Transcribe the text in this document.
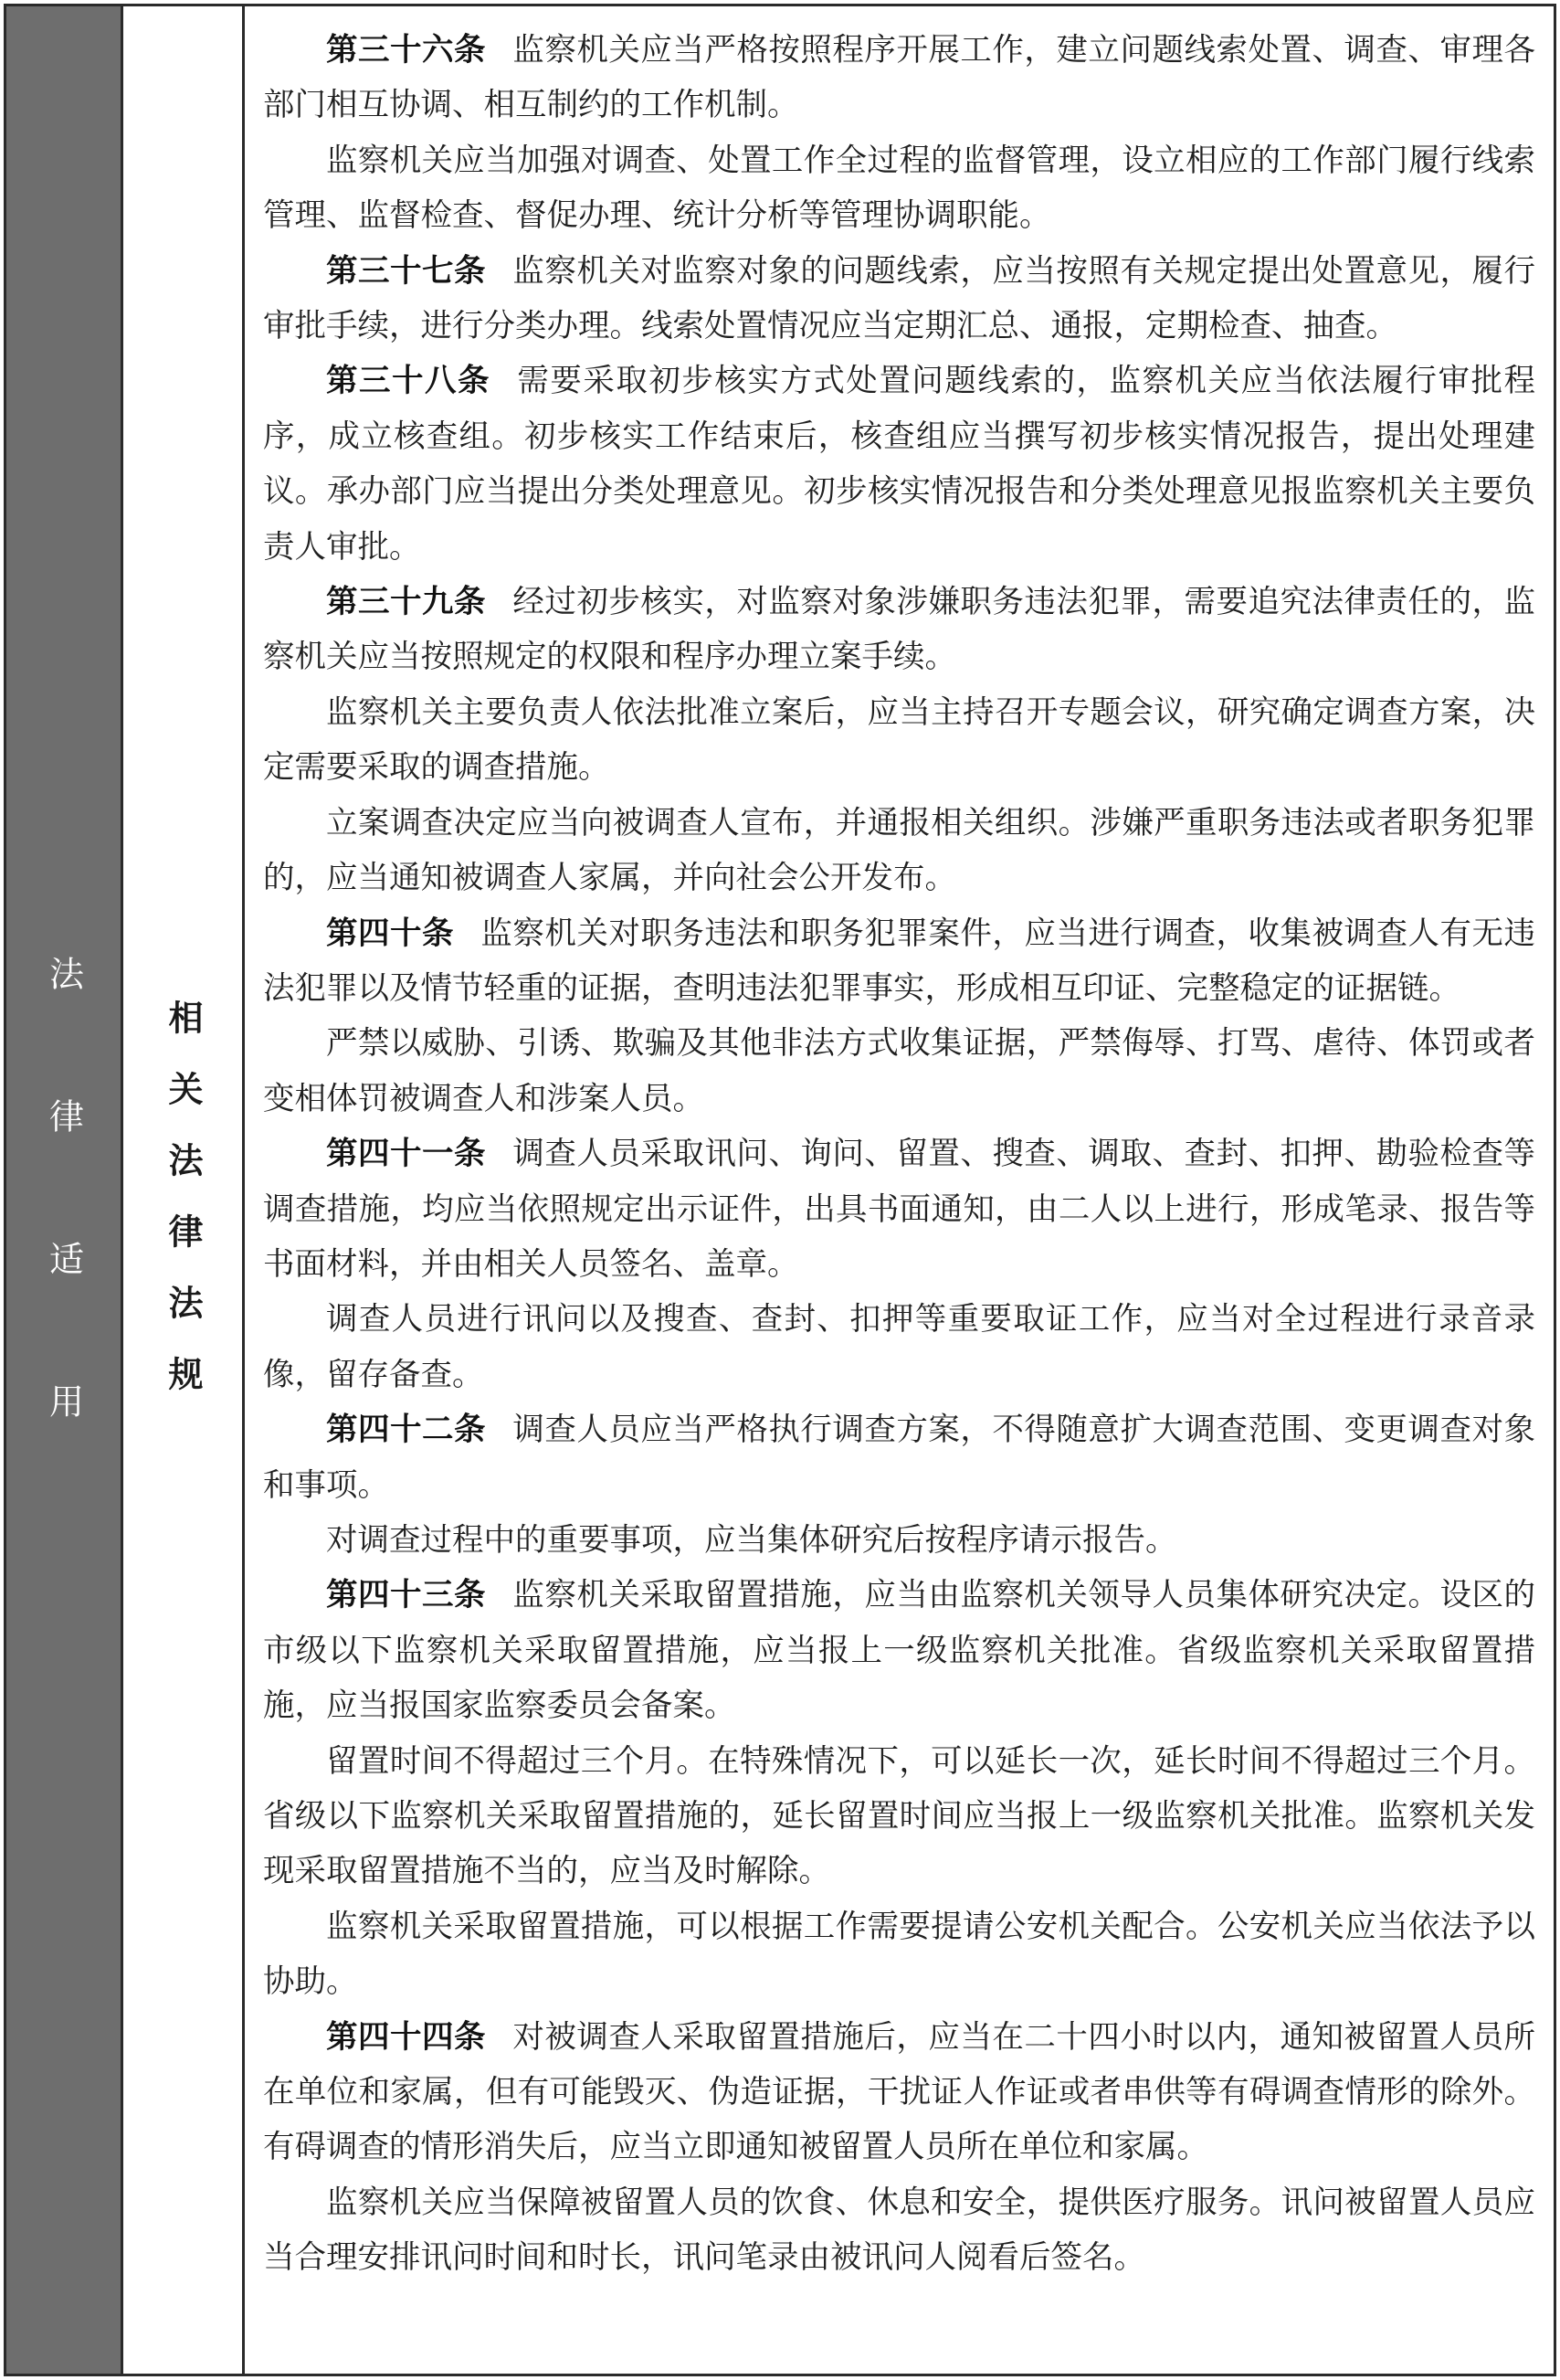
法律适用 相关法律法规

第三十六条 监察机关应当严格按照程序开展工作，建立问题线索处置、调查、审理各部门相互协调、相互制约的工作机制。

监察机关应当加强对调查、处置工作全过程的监督管理，设立相应的工作部门履行线索管理、监督检查、督促办理、统计分析等管理协调职能。

第三十七条 监察机关对监察对象的问题线索，应当按照有关规定提出处置意见，履行审批手续，进行分类办理。线索处置情况应当定期汇总、通报，定期检查、抽查。

第三十八条 需要采取初步核实方式处置问题线索的，监察机关应当依法履行审批程序，成立核查组。初步核实工作结束后，核查组应当撰写初步核实情况报告，提出处理建议。承办部门应当提出分类处理意见。初步核实情况报告和分类处理意见报监察机关主要负责人审批。

第三十九条 经过初步核实，对监察对象涉嫌职务违法犯罪，需要追究法律责任的，监察机关应当按照规定的权限和程序办理立案手续。

监察机关主要负责人依法批准立案后，应当主持召开专题会议，研究确定调查方案，决定需要采取的调查措施。

立案调查决定应当向被调查人宣布，并通报相关组织。涉嫌严重职务违法或者职务犯罪的，应当通知被调查人家属，并向社会公开发布。

第四十条 监察机关对职务违法和职务犯罪案件，应当进行调查，收集被调查人有无违法犯罪以及情节轻重的证据，查明违法犯罪事实，形成相互印证、完整稳定的证据链。

严禁以威胁、引诱、欺骗及其他非法方式收集证据，严禁侮辱、打骂、虐待、体罚或者变相体罚被调查人和涉案人员。

第四十一条 调查人员采取讯问、询问、留置、搜查、调取、查封、扣押、勘验检查等调查措施，均应当依照规定出示证件，出具书面通知，由二人以上进行，形成笔录、报告等书面材料，并由相关人员签名、盖章。

调查人员进行讯问以及搜查、查封、扣押等重要取证工作，应当对全过程进行录音录像，留存备查。

第四十二条 调查人员应当严格执行调查方案，不得随意扩大调查范围、变更调查对象和事项。

对调查过程中的重要事项，应当集体研究后按程序请示报告。

第四十三条 监察机关采取留置措施，应当由监察机关领导人员集体研究决定。设区的市级以下监察机关采取留置措施，应当报上一级监察机关批准。省级监察机关采取留置措施，应当报国家监察委员会备案。

留置时间不得超过三个月。在特殊情况下，可以延长一次，延长时间不得超过三个月。省级以下监察机关采取留置措施的，延长留置时间应当报上一级监察机关批准。监察机关发现采取留置措施不当的，应当及时解除。

监察机关采取留置措施，可以根据工作需要提请公安机关配合。公安机关应当依法予以协助。

第四十四条 对被调查人采取留置措施后，应当在二十四小时以内，通知被留置人员所在单位和家属，但有可能毁灭、伪造证据，干扰证人作证或者串供等有碍调查情形的除外。有碍调查的情形消失后，应当立即通知被留置人员所在单位和家属。

监察机关应当保障被留置人员的饮食、休息和安全，提供医疗服务。讯问被留置人员应当合理安排讯问时间和时长，讯问笔录由被讯问人阅看后签名。
